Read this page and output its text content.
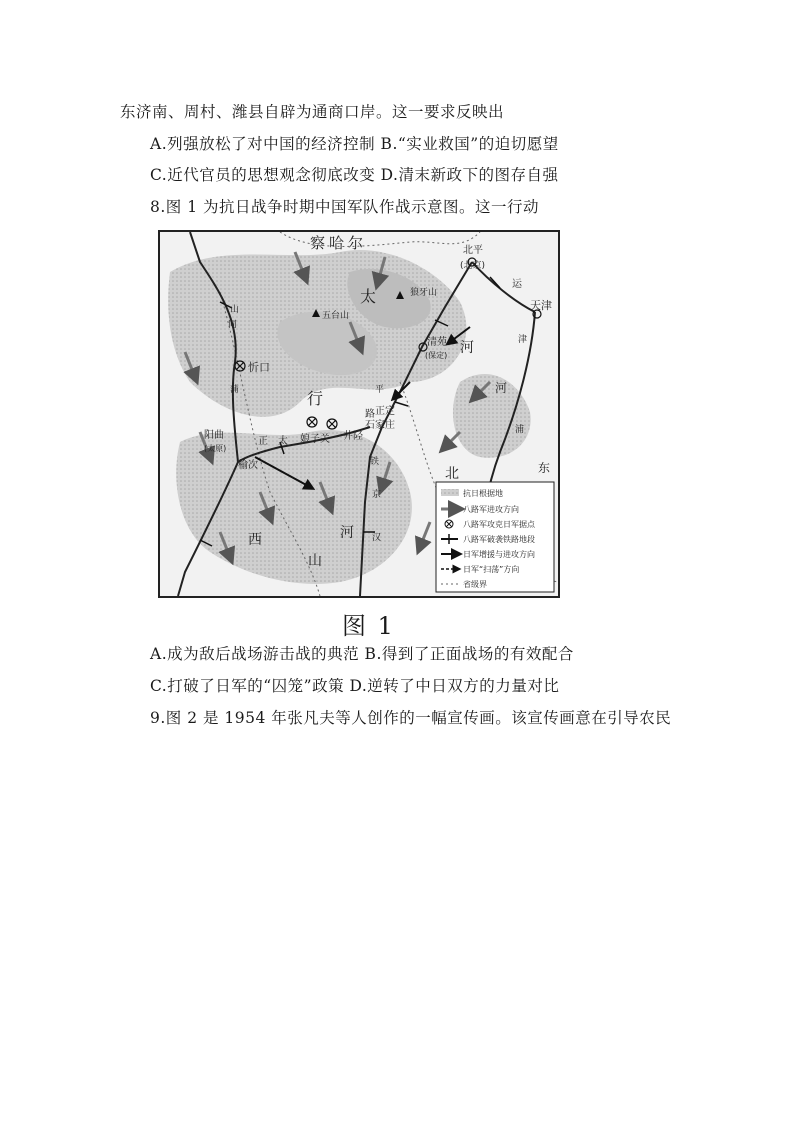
东济南、周村、潍县自辟为通商口岸。这一要求反映出
A.列强放松了对中国的经济控制 B.“实业救国”的迫切愿望
C.近代官员的思想观念彻底改变 D.清末新政下的图存自强
8.图 1 为抗日战争时期中国军队作战示意图。这一行动
察哈尔	北平
(北京)
天津
运
狼牙山
五台山
清苑
(保定)
忻口
太
行	平
路 正定
石家庄
娘子关 井陉
阳曲
(太原)
榆次
正 太
河
北
山
西
东
津
浦
同
蒲
汉
河
河
山
京
铁
抗日根据地
八路军进攻方向
八路军攻克日军据点
八路军破袭铁路地段
日军增援与进攻方向
日军“扫荡”方向
省级界
图 1
A.成为敌后战场游击战的典范 B.得到了正面战场的有效配合
C.打破了日军的“囚笼”政策 D.逆转了中日双方的力量对比
9.图 2 是 1954 年张凡夫等人创作的一幅宣传画。该宣传画意在引导农民
